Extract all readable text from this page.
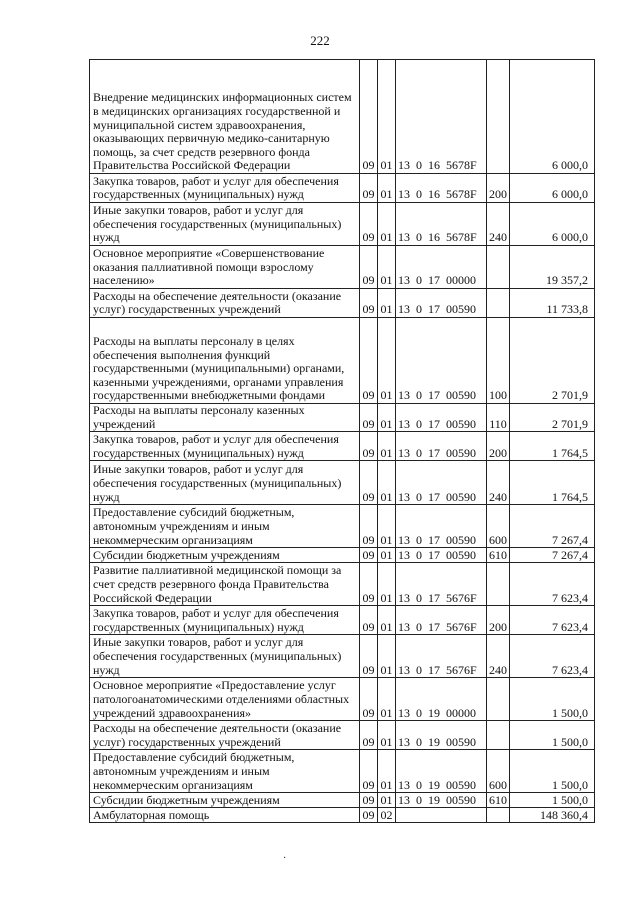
222
Внедрение медицинских информационных систем в медицинских организациях государственной и муниципальной систем здравоохранения, оказывающих первичную медико-санитарную помощь, за счет средств резервного фонда Правительства Российской Федерации	09	01	13 0 16 5678F		6 000,0
Закупка товаров, работ и услуг для обеспечения государственных (муниципальных) нужд	09	01	13 0 16 5678F	200	6 000,0
Иные закупки товаров, работ и услуг для обеспечения государственных (муниципальных) нужд	09	01	13 0 16 5678F	240	6 000,0
Основное мероприятие «Совершенствование оказания паллиативной помощи взрослому населению»	09	01	13 0 17 00000		19 357,2
Расходы на обеспечение деятельности (оказание услуг) государственных учреждений	09	01	13 0 17 00590		11 733,8
Расходы на выплаты персоналу в целях обеспечения выполнения функций государственными (муниципальными) органами, казенными учреждениями, органами управления государственными внебюджетными фондами	09	01	13 0 17 00590	100	2 701,9
Расходы на выплаты персоналу казенных учреждений	09	01	13 0 17 00590	110	2 701,9
Закупка товаров, работ и услуг для обеспечения государственных (муниципальных) нужд	09	01	13 0 17 00590	200	1 764,5
Иные закупки товаров, работ и услуг для обеспечения государственных (муниципальных) нужд	09	01	13 0 17 00590	240	1 764,5
Предоставление субсидий бюджетным, автономным учреждениям и иным некоммерческим организациям	09	01	13 0 17 00590	600	7 267,4
Субсидии бюджетным учреждениям	09	01	13 0 17 00590	610	7 267,4
Развитие паллиативной медицинской помощи за счет средств резервного фонда Правительства Российской Федерации	09	01	13 0 17 5676F		7 623,4
Закупка товаров, работ и услуг для обеспечения государственных (муниципальных) нужд	09	01	13 0 17 5676F	200	7 623,4
Иные закупки товаров, работ и услуг для обеспечения государственных (муниципальных) нужд	09	01	13 0 17 5676F	240	7 623,4
Основное мероприятие «Предоставление услуг патологоанатомическими отделениями областных учреждений здравоохранения»	09	01	13 0 19 00000		1 500,0
Расходы на обеспечение деятельности (оказание услуг) государственных учреждений	09	01	13 0 19 00590		1 500,0
Предоставление субсидий бюджетным, автономным учреждениям и иным некоммерческим организациям	09	01	13 0 19 00590	600	1 500,0
Субсидии бюджетным учреждениям	09	01	13 0 19 00590	610	1 500,0
Амбулаторная помощь	09	02			148 360,4
·
